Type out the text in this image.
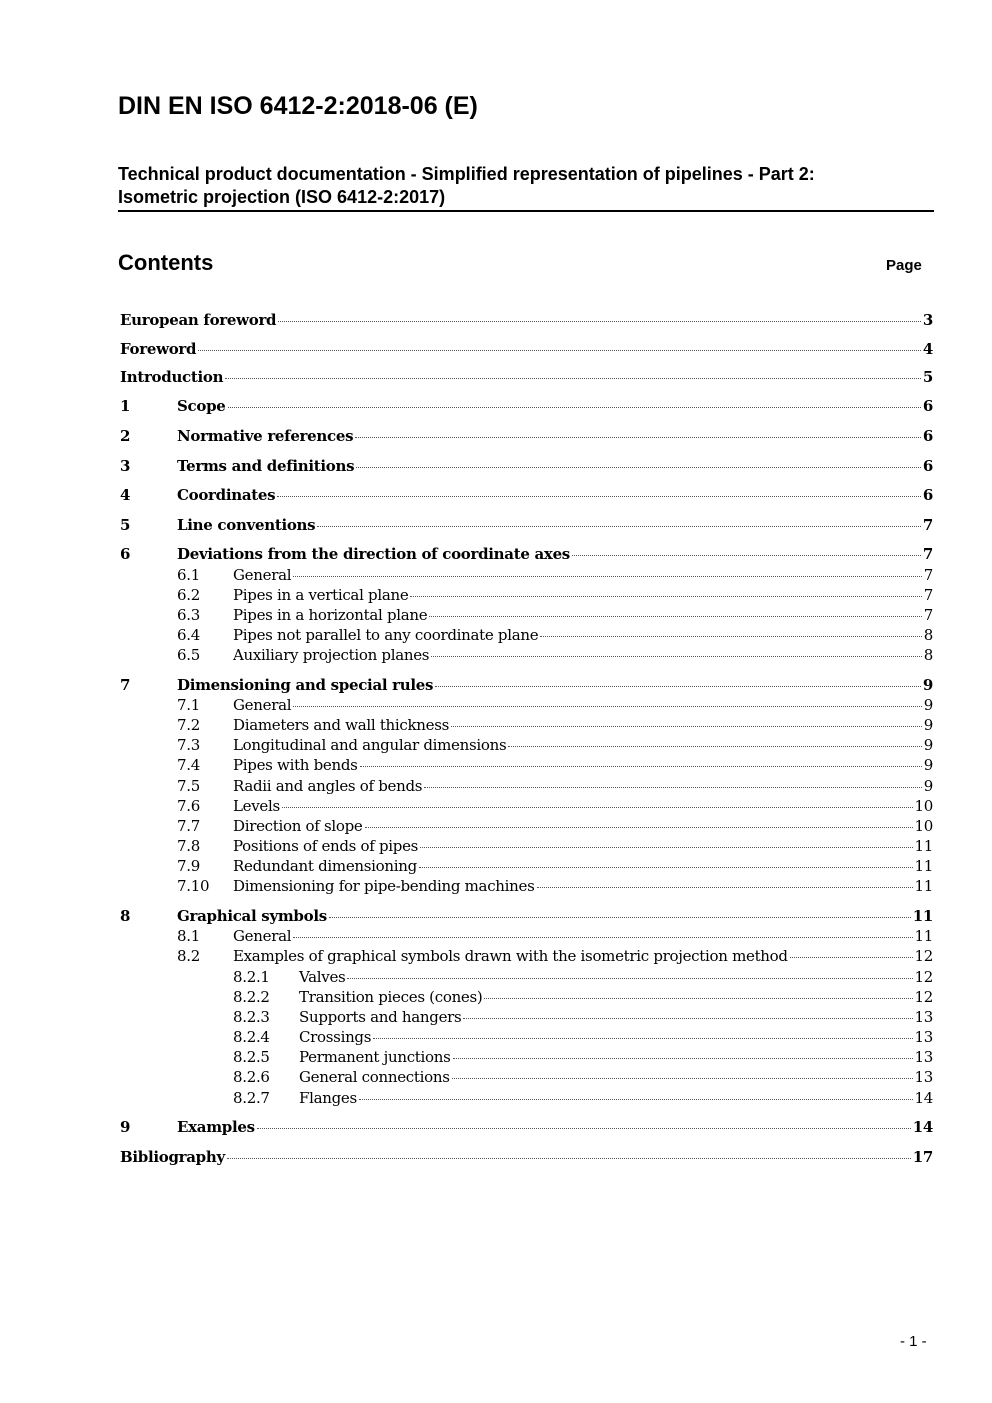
DIN EN ISO 6412-2:2018-06 (E)
Technical product documentation - Simplified representation of pipelines - Part 2:
Isometric projection (ISO 6412-2:2017)
Contents	Page
European foreword	3
Foreword	4
Introduction	5
1	Scope	6
2	Normative references	6
3	Terms and definitions	6
4	Coordinates	6
5	Line conventions	7
6	Deviations from the direction of coordinate axes	7
6.1	General	7
6.2	Pipes in a vertical plane	7
6.3	Pipes in a horizontal plane	7
6.4	Pipes not parallel to any coordinate plane	8
6.5	Auxiliary projection planes	8
7	Dimensioning and special rules	9
7.1	General	9
7.2	Diameters and wall thickness	9
7.3	Longitudinal and angular dimensions	9
7.4	Pipes with bends	9
7.5	Radii and angles of bends	9
7.6	Levels	10
7.7	Direction of slope	10
7.8	Positions of ends of pipes	11
7.9	Redundant dimensioning	11
7.10	Dimensioning for pipe-bending machines	11
8	Graphical symbols	11
8.1	General	11
8.2	Examples of graphical symbols drawn with the isometric projection method	12
8.2.1	Valves	12
8.2.2	Transition pieces (cones)	12
8.2.3	Supports and hangers	13
8.2.4	Crossings	13
8.2.5	Permanent junctions	13
8.2.6	General connections	13
8.2.7	Flanges	14
9	Examples	14
Bibliography	17
- 1 -
